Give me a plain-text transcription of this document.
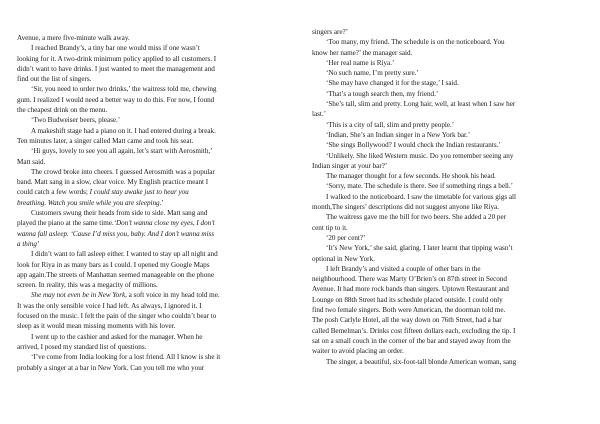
Avenue, a mere five-minute walk away.

I reached Brandy’s, a tiny bar one would miss if one wasn’t

looking for it. A two-drink minimum policy applied to all customers. I

didn’t want to have drinks. I just wanted to meet the management and

find out the list of singers.

‘Sir, you need to order two drinks,’ the waitress told me, chewing

gum. I realized I would need a better way to do this. For now, I found

the cheapest drink on the menu.

‘Two Budweiser beers, please.’

A makeshift stage had a piano on it. I had entered during a break.

Ten minutes later, a singer called Matt came and took his seat.

‘Hi guys, lovely to see you all again, let’s start with Aerosmith,’

Matt said.

The crowd broke into cheers. I guessed Aerosmith was a popular

band. Matt sang in a slow, clear voice. My English practice meant I

could catch a few words; I could stay awake just to hear you

breathing. Watch you smile while you are sleeping.’

Customers swung their heads from side to side. Matt sang and

played the piano at the same time.‘Don’t wanna close my eyes, I don’t

wanna fall asleep. ‘Cause I’d miss you, baby. And I don’t wanna miss

a thing’

I didn’t want to fall asleep either. I wanted to stay up all night and

look for Riya in as many bars as I could. I opened my Google Maps

app again.The streets of Manhattan seemed manageable on the phone

screen. In reality, this was a megacity of millions.

She may not even be in New York, a soft voice in my head told me.

It was the only sensible voice I had left. As always, I ignored it. I

focused on the music. I felt the pain of the singer who couldn’t bear to

sleep as it would mean missing moments with his lover.

I went up to the cashier and asked for the manager. When he

arrived, I posed my standard list of questions.

‘I’ve come from India looking for a lost friend. All I know is she it

probably a singer at a bar in New York. Can you tell me who your

singers are?’

‘Too many, my friend. The schedule is on the noticeboard. You

know her name?’ the manager said.

‘Her real name is Riya.’

‘No such name, I’m pretty sure.’

‘She may have changed it for the stage,’ I said.

‘That’s a tough search then, my friend.’

‘She’s tall, slim and pretty. Long hair, well, at least when I saw her

last.’

‘This is a city of tall, slim and pretty people.’

‘Indian, She’s an Indian singer in a New York bar.’

‘She sings Bollywood? I would check the Indian restaurants.’

‘Unlikely. She liked Western music. Do you remember seeing any

Indian singer at your bar?’

The manager thought for a few seconds. He shook his head.

‘Sorry, mate. The schedule is there. See if something rings a bell.’

I walked to the noticeboard. I saw the timetable for various gigs all

month,The singers’ descriptions did not suggest anyone like Riya.

The waitress gave me the bill for two beers. She added a 20 per

cent tip to it.

‘20 per cent?’

‘It’s New York,’ she said, glaring. I later learnt that tipping wasn’t

optional in New York.

I left Brandy’s and visited a couple of other bars in the

neighbourhood. There was Marty O’Brien’s on 87th street in Second

Avenue. It had more rock bands than singers. Uptown Restaurant and

Lounge on 88th Street had its schedule placed outside. I could only

find two female singers. Both were American, the doorman told me.

The posh Carlyle Hotel, all the way down on 76th Street, had a bar

called Bemelman’s. Drinks cost fifteen dollars each, excluding the tip. I

sat on a small couch in the corner of the bar and stayed away from the

waiter to avoid placing an order.

The singer, a beautiful, six-foot-tall blonde American woman, sang
